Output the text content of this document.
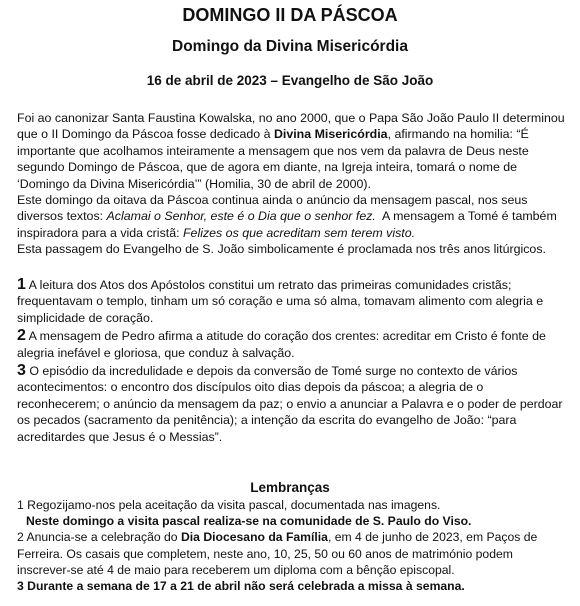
DOMINGO II DA PÁSCOA
Domingo da Divina Misericórdia
16 de abril de 2023 – Evangelho de São João

Foi ao canonizar Santa Faustina Kowalska, no ano 2000, que o Papa São João Paulo II determinou que o II Domingo da Páscoa fosse dedicado à Divina Misericórdia, afirmando na homilia: “É importante que acolhamos inteiramente a mensagem que nos vem da palavra de Deus neste segundo Domingo de Páscoa, que de agora em diante, na Igreja inteira, tomará o nome de ‘Domingo da Divina Misericórdia’” (Homilia, 30 de abril de 2000).

Este domingo da oitava da Páscoa continua ainda o anúncio da mensagem pascal, nos seus diversos textos: Aclamai o Senhor, este é o Dia que o senhor fez.  A mensagem a Tomé é também inspiradora para a vida cristã: Felizes os que acreditam sem terem visto.

Esta passagem do Evangelho de S. João simbolicamente é proclamada nos três anos litúrgicos.

1 A leitura dos Atos dos Apóstolos constitui um retrato das primeiras comunidades cristãs; frequentavam o templo, tinham um só coração e uma só alma, tomavam alimento com alegria e simplicidade de coração.

2 A mensagem de Pedro afirma a atitude do coração dos crentes: acreditar em Cristo é fonte de alegria inefável e gloriosa, que conduz à salvação.

3 O episódio da incredulidade e depois da conversão de Tomé surge no contexto de vários acontecimentos: o encontro dos discípulos oito dias depois da páscoa; a alegria de o reconhecerem; o anúncio da mensagem da paz; o envio a anunciar a Palavra e o poder de perdoar os pecados (sacramento da penitência); a intenção da escrita do evangelho de João: “para acreditardes que Jesus é o Messias”.

Lembranças

1 Regozijamo-nos pela aceitação da visita pascal, documentada nas imagens.

Neste domingo a visita pascal realiza-se na comunidade de S. Paulo do Viso.

2 Anuncia-se a celebração do Dia Diocesano da Família, em 4 de junho de 2023, em Paços de Ferreira. Os casais que completem, neste ano, 10, 25, 50 ou 60 anos de matrimónio podem inscrever-se até 4 de maio para receberem um diploma com a bênção episcopal.

3 Durante a semana de 17 a 21 de abril não será celebrada a missa à semana.
